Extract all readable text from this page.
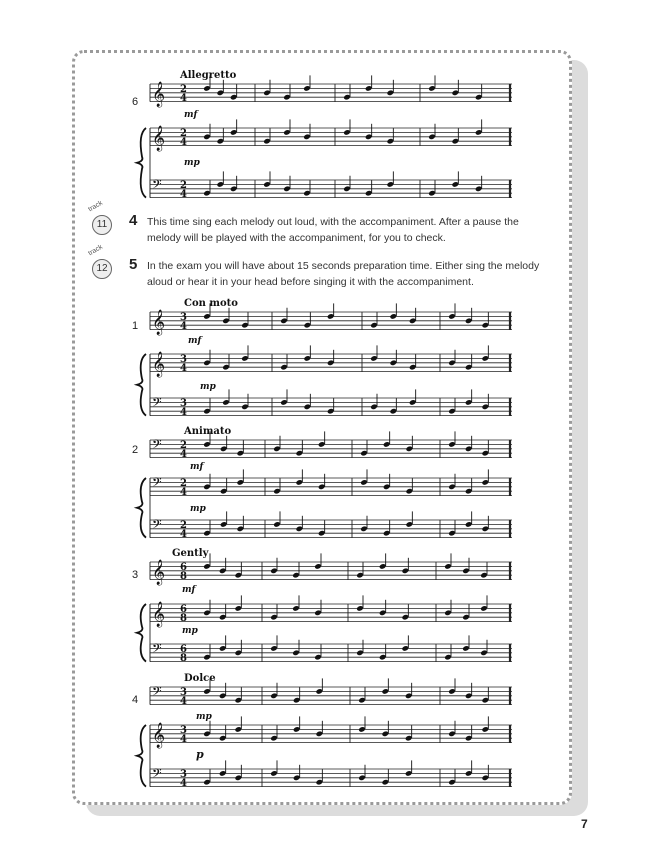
𝄞 2
4
𝄞 2
4
𝄢 2
4
Allegretto
6
mf
mp
track
11	4 This time sing each melody out loud, with the accompaniment. After a pause the melody will be played with the accompaniment, for you to check.
track
12 5 In the exam you will have about 15 seconds preparation time. Either sing the melody aloud or hear it in your head before singing it with the accompaniment.
𝄞 3
4
𝄞 3
4
𝄢 3
4
Con moto
1
mf
mp
𝄢 2
4
𝄢 2
4
𝄢 2
4
Animato
2
mf
mp
𝄞 6
8
𝄞 6
8
𝄢 6
8
Gently
3
mf
mp
𝄢 3
4
𝄞 3
4
𝄢 3
4
Dolce
4
mp
p
7
